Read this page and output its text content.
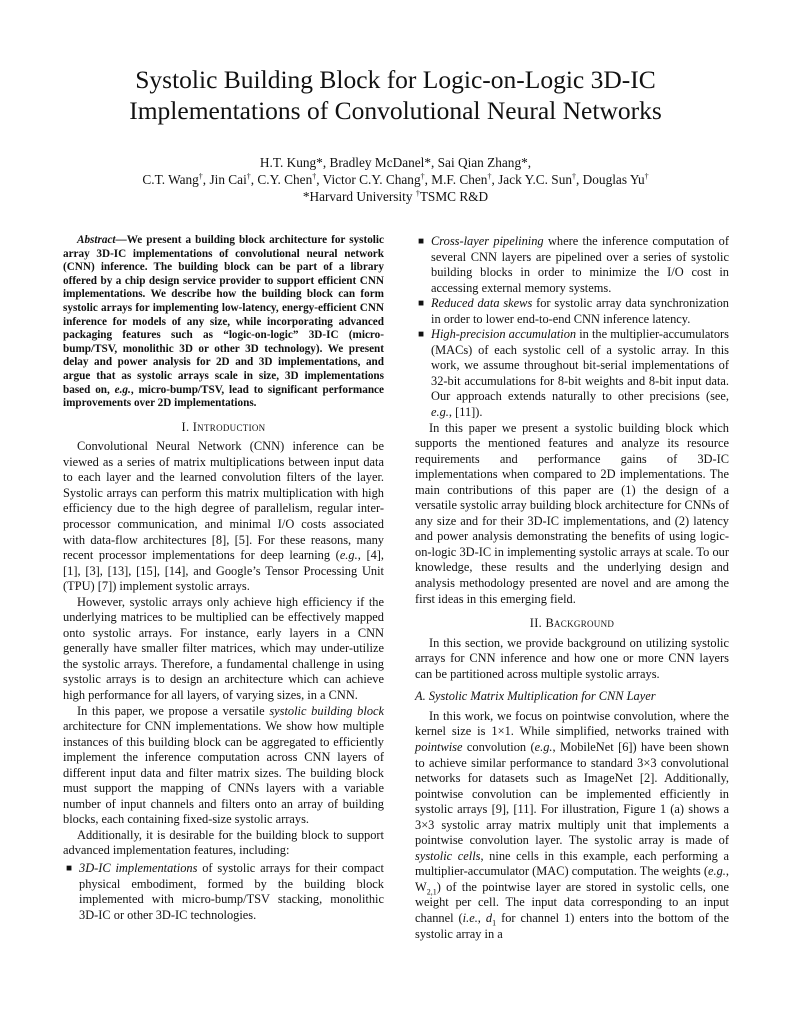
Systolic Building Block for Logic-on-Logic 3D-IC
Implementations of Convolutional Neural Networks
H.T. Kung*, Bradley McDanel*, Sai Qian Zhang*,
C.T. Wang†, Jin Cai†, C.Y. Chen†, Victor C.Y. Chang†, M.F. Chen†, Jack Y.C. Sun†, Douglas Yu†
*Harvard University †TSMC R&D

Abstract—We present a building block architecture for systolic array 3D-IC implementations of convolutional neural network (CNN) inference. The building block can be part of a library offered by a chip design service provider to support efficient CNN implementations. We describe how the building block can form systolic arrays for implementing low-latency, energy-efficient CNN inference for models of any size, while incorporating advanced packaging features such as “logic-on-logic” 3D-IC (micro-bump/TSV, monolithic 3D or other 3D technology). We present delay and power analysis for 2D and 3D implementations, and argue that as systolic arrays scale in size, 3D implementations based on, e.g., micro-bump/TSV, lead to significant performance improvements over 2D implementations.

I. Introduction

Convolutional Neural Network (CNN) inference can be viewed as a series of matrix multiplications between input data to each layer and the learned convolution filters of the layer. Systolic arrays can perform this matrix multiplication with high efficiency due to the high degree of parallelism, regular inter-processor communication, and minimal I/O costs associated with data-flow architectures [8], [5]. For these reasons, many recent processor implementations for deep learning (e.g., [4], [1], [3], [13], [15], [14], and Google’s Tensor Processing Unit (TPU) [7]) implement systolic arrays.

However, systolic arrays only achieve high efficiency if the underlying matrices to be multiplied can be effectively mapped onto systolic arrays. For instance, early layers in a CNN generally have smaller filter matrices, which may under-utilize the systolic arrays. Therefore, a fundamental challenge in using systolic arrays is to design an architecture which can achieve high performance for all layers, of varying sizes, in a CNN.

In this paper, we propose a versatile systolic building block architecture for CNN implementations. We show how multiple instances of this building block can be aggregated to efficiently implement the inference computation across CNN layers of different input data and filter matrix sizes. The building block must support the mapping of CNNs layers with a variable number of input channels and filters onto an array of building blocks, each containing fixed-size systolic arrays.

Additionally, it is desirable for the building block to support advanced implementation features, including:

■ 3D-IC implementations of systolic arrays for their compact physical embodiment, formed by the building block implemented with micro-bump/TSV stacking, monolithic 3D-IC or other 3D-IC technologies.
■ Cross-layer pipelining where the inference computation of several CNN layers are pipelined over a series of systolic building blocks in order to minimize the I/O cost in accessing external memory systems.
■ Reduced data skews for systolic array data synchronization in order to lower end-to-end CNN inference latency.
■ High-precision accumulation in the multiplier-accumulators (MACs) of each systolic cell of a systolic array. In this work, we assume throughout bit-serial implementations of 32-bit accumulations for 8-bit weights and 8-bit input data. Our approach extends naturally to other precisions (see, e.g., [11]).

In this paper we present a systolic building block which supports the mentioned features and analyze its resource requirements and performance gains of 3D-IC implementations when compared to 2D implementations. The main contributions of this paper are (1) the design of a versatile systolic array building block architecture for CNNs of any size and for their 3D-IC implementations, and (2) latency and power analysis demonstrating the benefits of using logic-on-logic 3D-IC in implementing systolic arrays at scale. To our knowledge, these results and the underlying design and analysis methodology presented are novel and are among the first ideas in this emerging field.

II. Background

In this section, we provide background on utilizing systolic arrays for CNN inference and how one or more CNN layers can be partitioned across multiple systolic arrays.

A. Systolic Matrix Multiplication for CNN Layer

In this work, we focus on pointwise convolution, where the kernel size is 1×1. While simplified, networks trained with pointwise convolution (e.g., MobileNet [6]) have been shown to achieve similar performance to standard 3×3 convolutional networks for datasets such as ImageNet [2]. Additionally, pointwise convolution can be implemented efficiently in systolic arrays [9], [11]. For illustration, Figure 1 (a) shows a 3×3 systolic array matrix multiply unit that implements a pointwise convolution layer. The systolic array is made of systolic cells, nine cells in this example, each performing a multiplier-accumulator (MAC) computation. The weights (e.g., $W_{2,1}$) of the pointwise layer are stored in systolic cells, one weight per cell. The input data corresponding to an input channel (i.e., $d_1$ for channel 1) enters into the bottom of the systolic array in a
